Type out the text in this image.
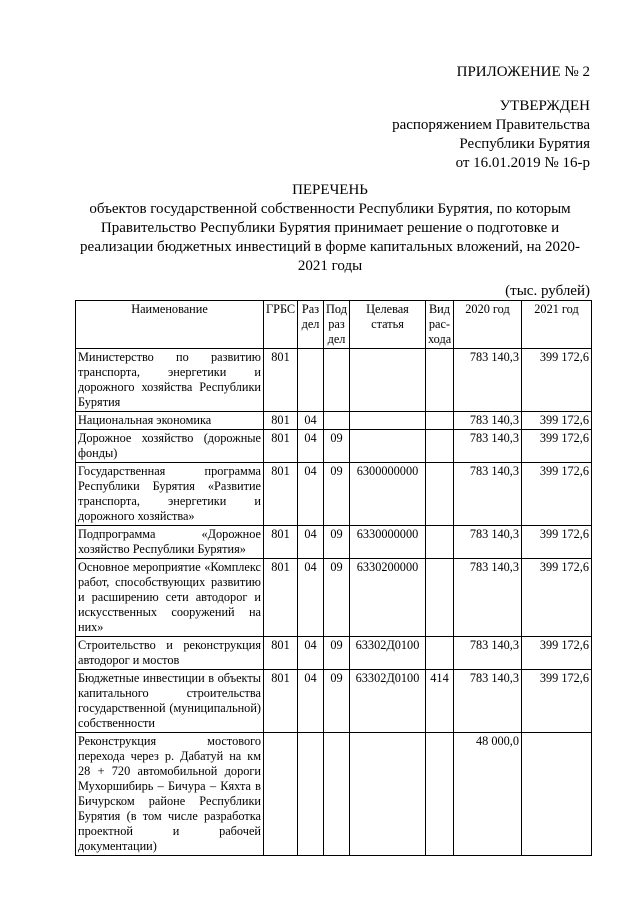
ПРИЛОЖЕНИЕ № 2
УТВЕРЖДЕН
распоряжением Правительства
Республики Бурятия
от 16.01.2019 № 16-р
ПЕРЕЧЕНЬ
объектов государственной собственности Республики Бурятия, по которым Правительство Республики Бурятия принимает решение о подготовке и реализации бюджетных инвестиций в форме капитальных вложений, на 2020-2021 годы
(тыс. рублей)
Наименование	ГРБС	Раз дел	Под раз дел	Целевая статья	Вид рас- хода	2020 год	2021 год
Министерство по развитию транспорта, энергетики и дорожного хозяйства Республики Бурятия	801					783 140,3	399 172,6
Национальная экономика	801	04				783 140,3	399 172,6
Дорожное хозяйство (дорожные фонды)	801	04	09			783 140,3	399 172,6
Государственная программа Республики Бурятия «Развитие транспорта, энергетики и дорожного хозяйства»	801	04	09	6300000000		783 140,3	399 172,6
Подпрограмма «Дорожное хозяйство Республики Бурятия»	801	04	09	6330000000		783 140,3	399 172,6
Основное мероприятие «Комплекс работ, способствующих развитию и расширению сети автодорог и искусственных сооружений на них»	801	04	09	6330200000		783 140,3	399 172,6
Строительство и реконструкция автодорог и мостов	801	04	09	63302Д0100		783 140,3	399 172,6
Бюджетные инвестиции в объекты капитального строительства государственной (муниципальной) собственности	801	04	09	63302Д0100	414	783 140,3	399 172,6
Реконструкция мостового перехода через р. Дабатуй на км 28 + 720 автомобильной дороги Мухоршибирь – Бичура – Кяхта в Бичурском районе Республики Бурятия (в том числе разработка проектной и рабочей документации)						48 000,0	
